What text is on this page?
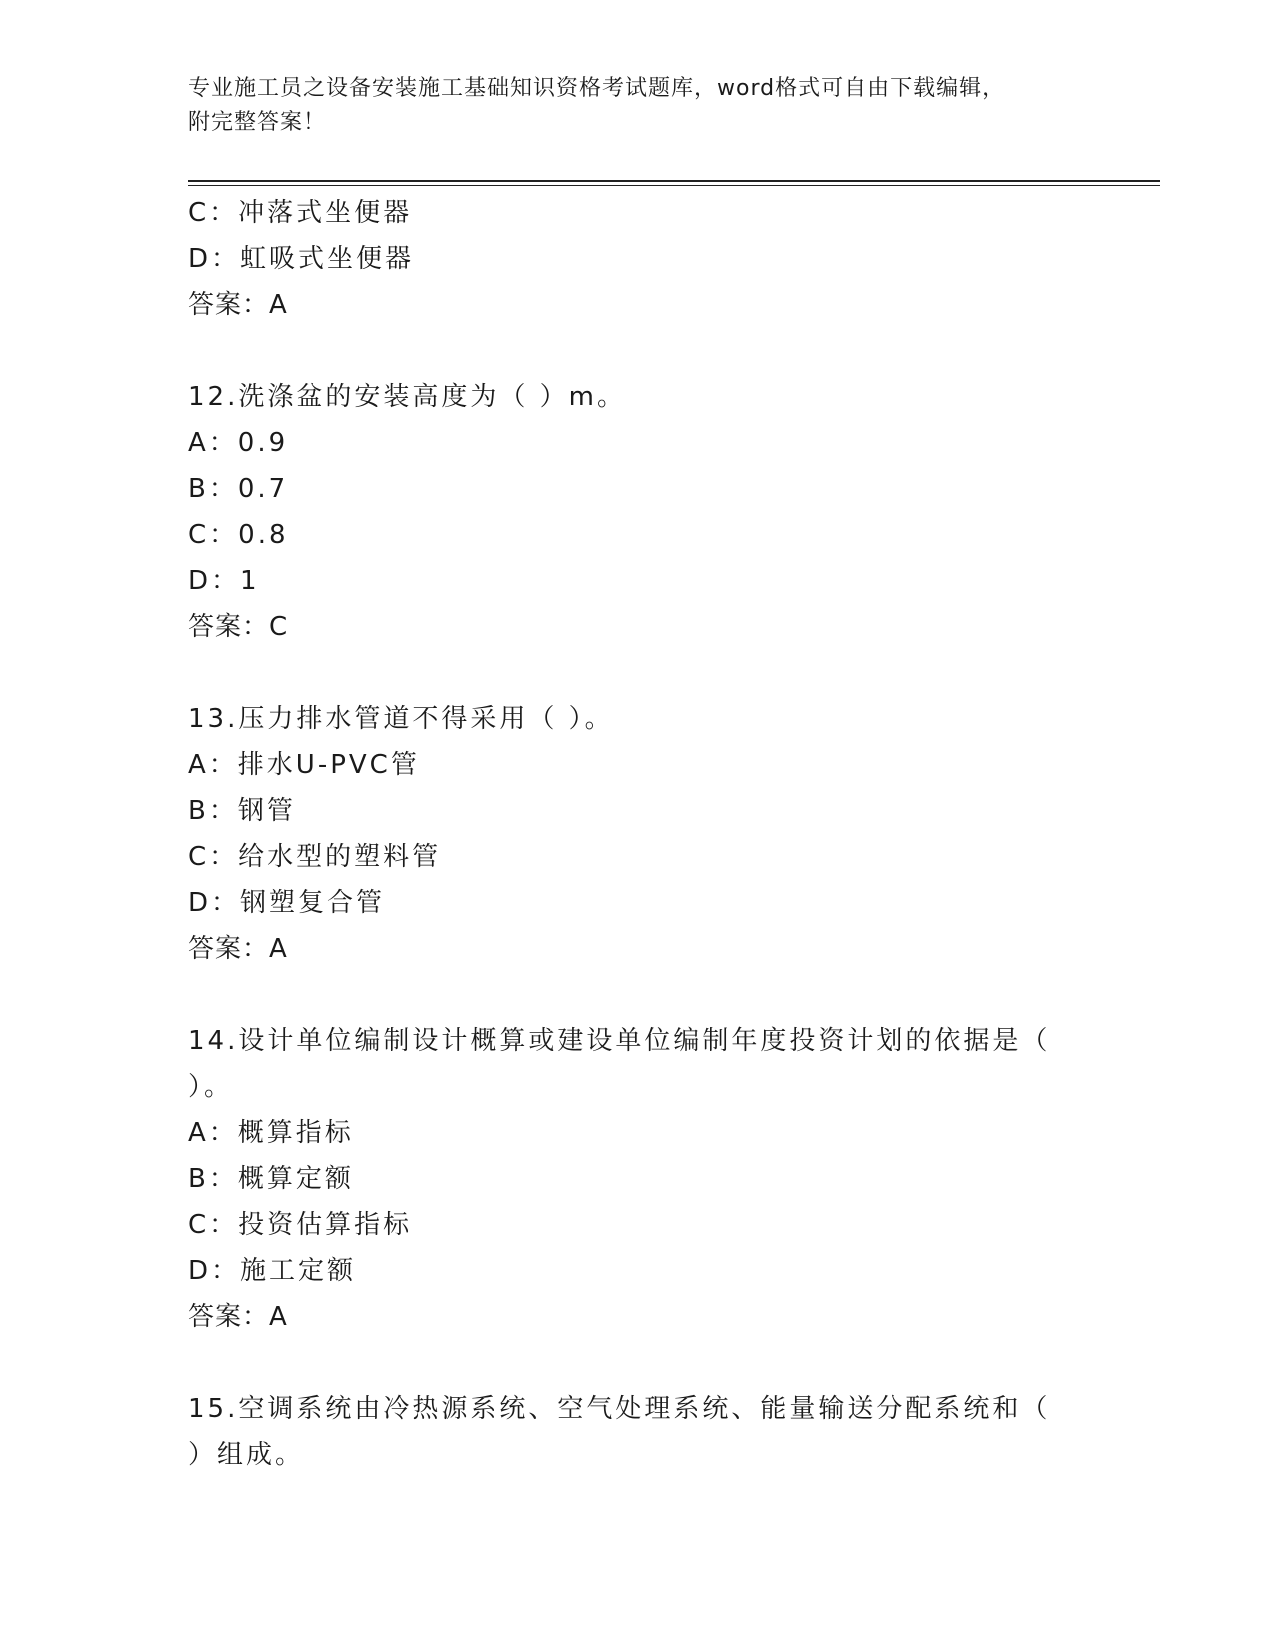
专业施工员之设备安装施工基础知识资格考试题库，word格式可自由下载编辑，
附完整答案！
C：冲落式坐便器
D：虹吸式坐便器
答案：A
12.洗涤盆的安装高度为（ ）m。
A：0.9
B：0.7
C：0.8
D：1
答案：C
13.压力排水管道不得采用（ ）。
A：排水U-PVC管
B：钢管
C：给水型的塑料管
D：钢塑复合管
答案：A
14.设计单位编制设计概算或建设单位编制年度投资计划的依据是（
）。
A：概算指标
B：概算定额
C：投资估算指标
D：施工定额
答案：A
15.空调系统由冷热源系统、空气处理系统、能量输送分配系统和（
）组成。
